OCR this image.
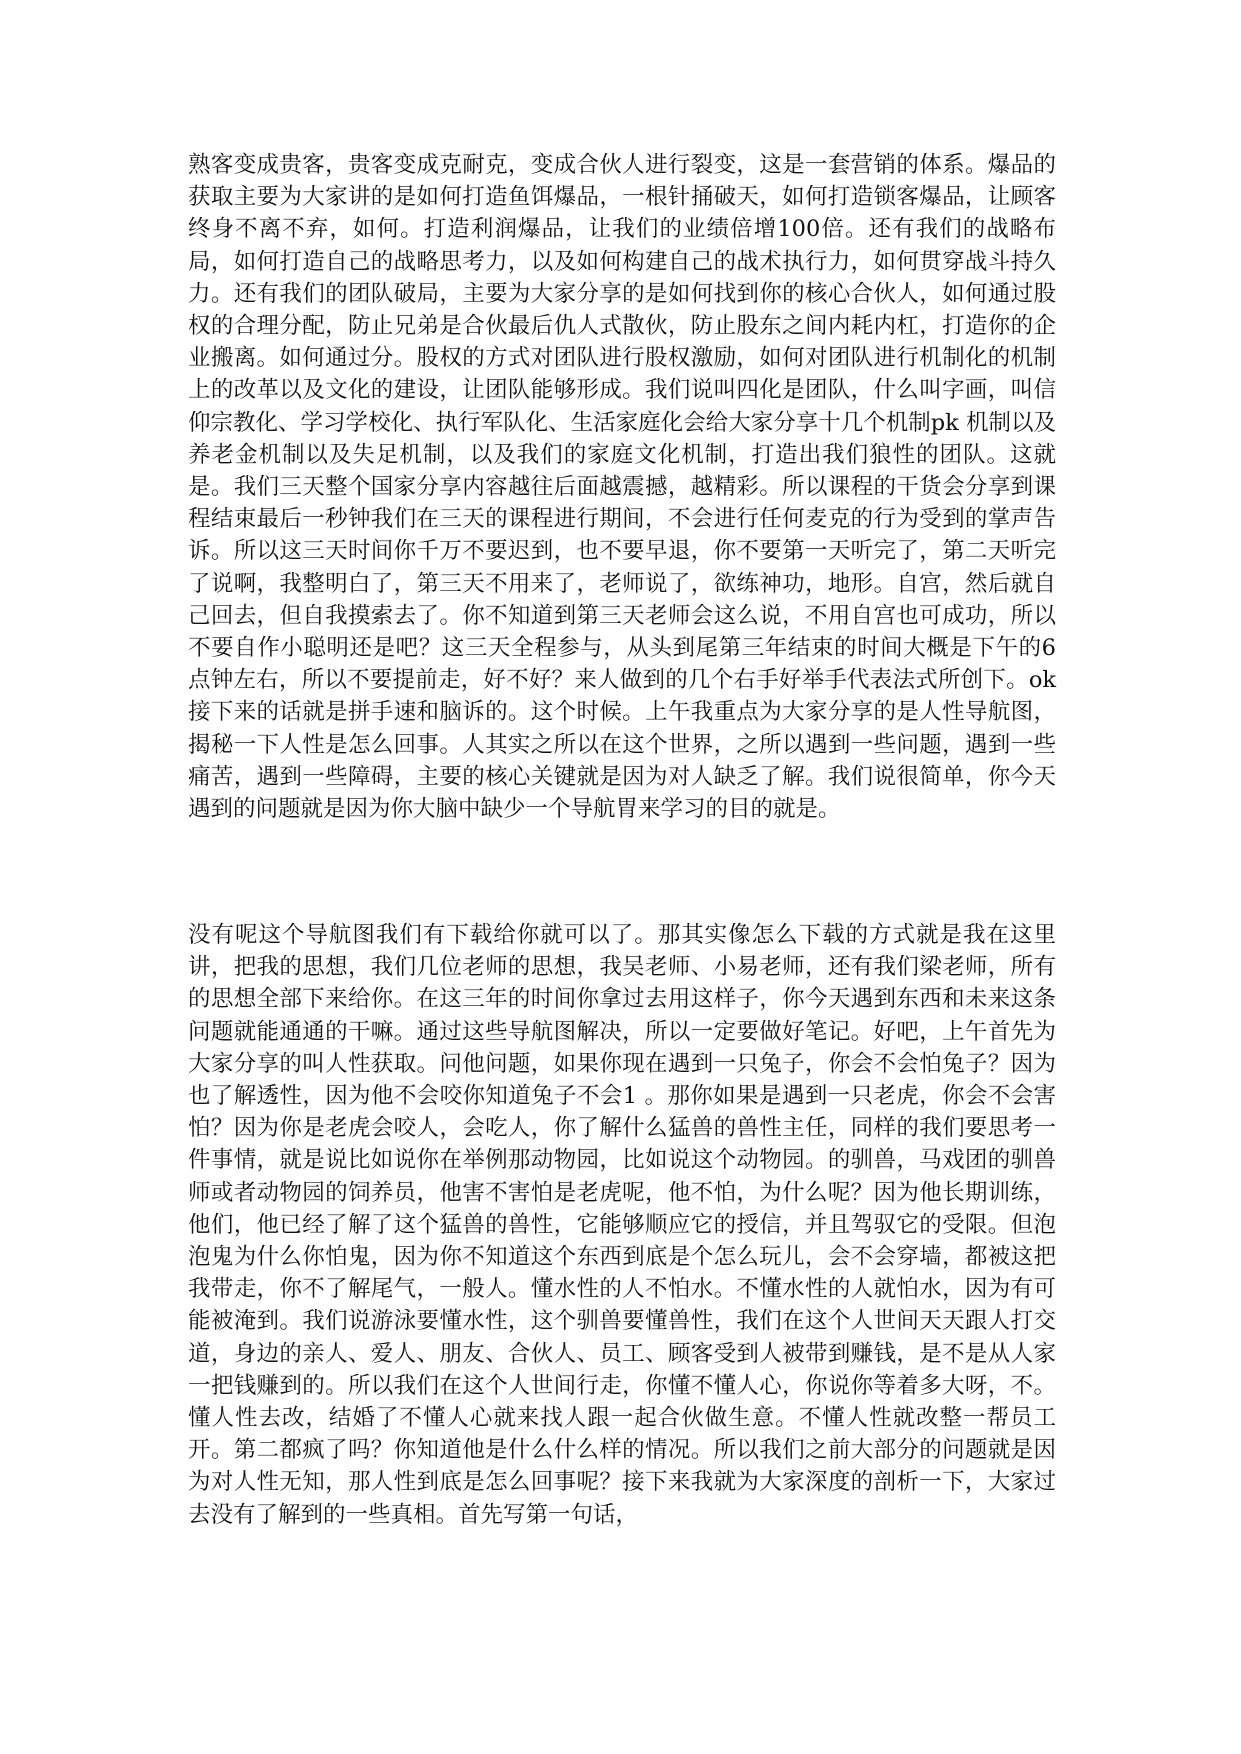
熟客变成贵客，贵客变成克耐克，变成合伙人进行裂变，这是一套营销的体系。爆品的获取主要为大家讲的是如何打造鱼饵爆品，一根针捅破天，如何打造锁客爆品，让顾客终身不离不弃，如何。打造利润爆品，让我们的业绩倍增100倍。还有我们的战略布局，如何打造自己的战略思考力，以及如何构建自己的战术执行力，如何贯穿战斗持久力。还有我们的团队破局，主要为大家分享的是如何找到你的核心合伙人，如何通过股权的合理分配，防止兄弟是合伙最后仇人式散伙，防止股东之间内耗内杠，打造你的企业搬离。如何通过分。股权的方式对团队进行股权激励，如何对团队进行机制化的机制上的改革以及文化的建设，让团队能够形成。我们说叫四化是团队，什么叫字画，叫信仰宗教化、学习学校化、执行军队化、生活家庭化会给大家分享十几个机制pk 机制以及养老金机制以及失足机制，以及我们的家庭文化机制，打造出我们狼性的团队。这就是。我们三天整个国家分享内容越往后面越震撼，越精彩。所以课程的干货会分享到课程结束最后一秒钟我们在三天的课程进行期间，不会进行任何麦克的行为受到的掌声告诉。所以这三天时间你千万不要迟到，也不要早退，你不要第一天听完了，第二天听完了说啊，我整明白了，第三天不用来了，老师说了，欲练神功，地形。自宫，然后就自己回去，但自我摸索去了。你不知道到第三天老师会这么说，不用自宫也可成功，所以不要自作小聪明还是吧？这三天全程参与，从头到尾第三年结束的时间大概是下午的6点钟左右，所以不要提前走，好不好？来人做到的几个右手好举手代表法式所创下。ok 接下来的话就是拼手速和脑诉的。这个时候。上午我重点为大家分享的是人性导航图，揭秘一下人性是怎么回事。人其实之所以在这个世界，之所以遇到一些问题，遇到一些痛苦，遇到一些障碍，主要的核心关键就是因为对人缺乏了解。我们说很简单，你今天遇到的问题就是因为你大脑中缺少一个导航胃来学习的目的就是。

没有呢这个导航图我们有下载给你就可以了。那其实像怎么下载的方式就是我在这里讲，把我的思想，我们几位老师的思想，我吴老师、小易老师，还有我们梁老师，所有的思想全部下来给你。在这三年的时间你拿过去用这样子，你今天遇到东西和未来这条问题就能通通的干嘛。通过这些导航图解决，所以一定要做好笔记。好吧，上午首先为大家分享的叫人性获取。问他问题，如果你现在遇到一只兔子，你会不会怕兔子？因为也了解透性，因为他不会咬你知道兔子不会1 。那你如果是遇到一只老虎，你会不会害怕？因为你是老虎会咬人，会吃人，你了解什么猛兽的兽性主任，同样的我们要思考一件事情，就是说比如说你在举例那动物园，比如说这个动物园。的驯兽，马戏团的驯兽师或者动物园的饲养员，他害不害怕是老虎呢，他不怕，为什么呢？因为他长期训练，他们，他已经了解了这个猛兽的兽性，它能够顺应它的授信，并且驾驭它的受限。但泡泡鬼为什么你怕鬼，因为你不知道这个东西到底是个怎么玩儿，会不会穿墙，都被这把我带走，你不了解尾气，一般人。懂水性的人不怕水。不懂水性的人就怕水，因为有可能被淹到。我们说游泳要懂水性，这个驯兽要懂兽性，我们在这个人世间天天跟人打交道，身边的亲人、爱人、朋友、合伙人、员工、顾客受到人被带到赚钱，是不是从人家一把钱赚到的。所以我们在这个人世间行走，你懂不懂人心，你说你等着多大呀，不。懂人性去改，结婚了不懂人心就来找人跟一起合伙做生意。不懂人性就改整一帮员工开。第二都疯了吗？你知道他是什么什么样的情况。所以我们之前大部分的问题就是因为对人性无知，那人性到底是怎么回事呢？接下来我就为大家深度的剖析一下，大家过去没有了解到的一些真相。首先写第一句话，
